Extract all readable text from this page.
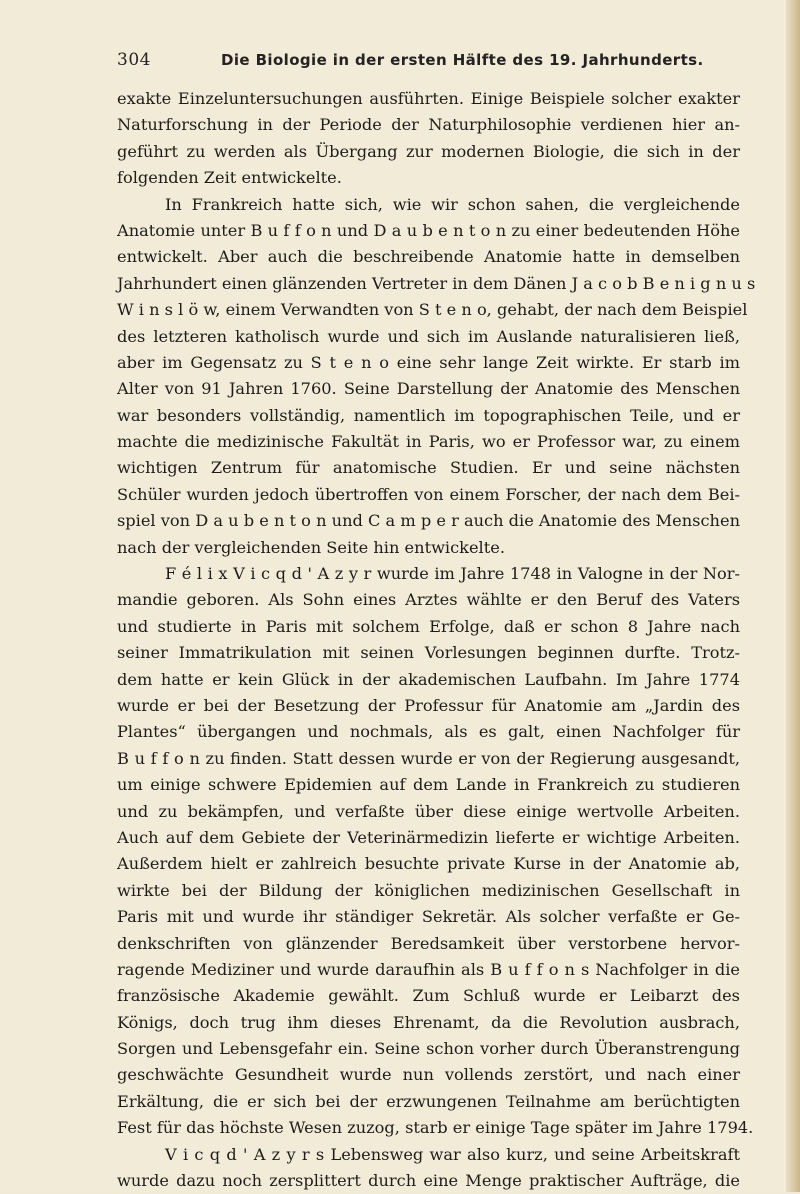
304	Die Biologie in der ersten Hälfte des 19. Jahrhunderts.
exakte Einzeluntersuchungen ausführten. Einige Beispiele solcher exakter
Naturforschung in der Periode der Naturphilosophie verdienen hier an-
geführt zu werden als Übergang zur modernen Biologie, die sich in der
folgenden Zeit entwickelte.
In Frankreich hatte sich, wie wir schon sahen, die vergleichende
Anatomie unter B u f f o n und D a u b e n t o n zu einer bedeutenden Höhe
entwickelt. Aber auch die beschreibende Anatomie hatte in demselben
Jahrhundert einen glänzenden Vertreter in dem Dänen J a c o b B e n i g n u s
W i n s l ö w, einem Verwandten von S t e n o, gehabt, der nach dem Beispiel
des letzteren katholisch wurde und sich im Auslande naturalisieren ließ,
aber im Gegensatz zu S t e n o eine sehr lange Zeit wirkte. Er starb im
Alter von 91 Jahren 1760. Seine Darstellung der Anatomie des Menschen
war besonders vollständig, namentlich im topographischen Teile, und er
machte die medizinische Fakultät in Paris, wo er Professor war, zu einem
wichtigen Zentrum für anatomische Studien. Er und seine nächsten
Schüler wurden jedoch übertroffen von einem Forscher, der nach dem Bei-
spiel von D a u b e n t o n und C a m p e r auch die Anatomie des Menschen
nach der vergleichenden Seite hin entwickelte.
F é l i x V i c q d ' A z y r wurde im Jahre 1748 in Valogne in der Nor-
mandie geboren. Als Sohn eines Arztes wählte er den Beruf des Vaters
und studierte in Paris mit solchem Erfolge, daß er schon 8 Jahre nach
seiner Immatrikulation mit seinen Vorlesungen beginnen durfte. Trotz-
dem hatte er kein Glück in der akademischen Laufbahn. Im Jahre 1774
wurde er bei der Besetzung der Professur für Anatomie am „Jardin des
Plantes“ übergangen und nochmals, als es galt, einen Nachfolger für
B u f f o n zu finden. Statt dessen wurde er von der Regierung ausgesandt,
um einige schwere Epidemien auf dem Lande in Frankreich zu studieren
und zu bekämpfen, und verfaßte über diese einige wertvolle Arbeiten.
Auch auf dem Gebiete der Veterinärmedizin lieferte er wichtige Arbeiten.
Außerdem hielt er zahlreich besuchte private Kurse in der Anatomie ab,
wirkte bei der Bildung der königlichen medizinischen Gesellschaft in
Paris mit und wurde ihr ständiger Sekretär. Als solcher verfaßte er Ge-
denkschriften von glänzender Beredsamkeit über verstorbene hervor-
ragende Mediziner und wurde daraufhin als B u f f o n s Nachfolger in die
französische Akademie gewählt. Zum Schluß wurde er Leibarzt des
Königs, doch trug ihm dieses Ehrenamt, da die Revolution ausbrach,
Sorgen und Lebensgefahr ein. Seine schon vorher durch Überanstrengung
geschwächte Gesundheit wurde nun vollends zerstört, und nach einer
Erkältung, die er sich bei der erzwungenen Teilnahme am berüchtigten
Fest für das höchste Wesen zuzog, starb er einige Tage später im Jahre 1794.
V i c q d ' A z y r s Lebensweg war also kurz, und seine Arbeitskraft
wurde dazu noch zersplittert durch eine Menge praktischer Aufträge, die
